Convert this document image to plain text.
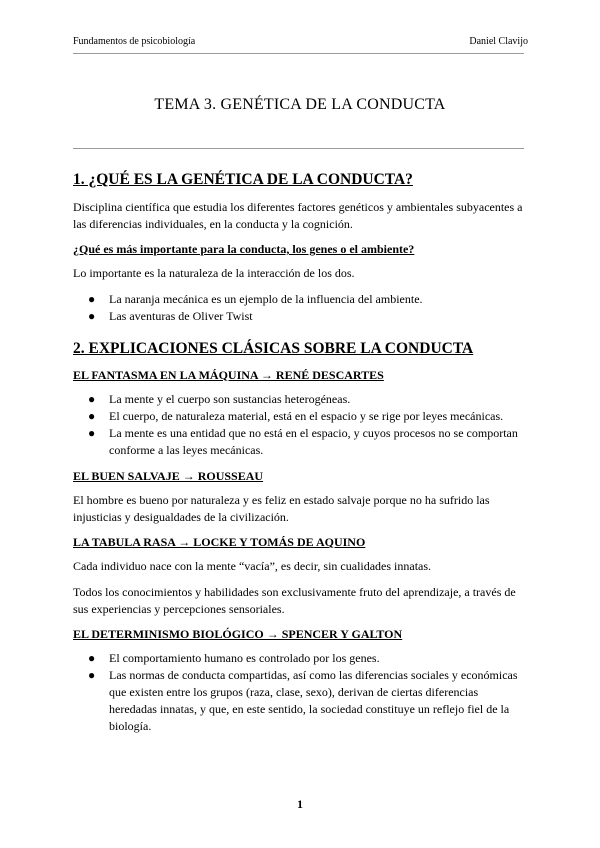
Fundamentos de psicobiología	Daniel Clavijo
TEMA 3. GENÉTICA DE LA CONDUCTA
1. ¿QUÉ ES LA GENÉTICA DE LA CONDUCTA?

Disciplina científica que estudia los diferentes factores genéticos y ambientales subyacentes a las diferencias individuales, en la conducta y la cognición.

¿Qué es más importante para la conducta, los genes o el ambiente?

Lo importante es la naturaleza de la interacción de los dos.

● La naranja mecánica es un ejemplo de la influencia del ambiente.
● Las aventuras de Oliver Twist
2. EXPLICACIONES CLÁSICAS SOBRE LA CONDUCTA
EL FANTASMA EN LA MÁQUINA → RENÉ DESCARTES
● La mente y el cuerpo son sustancias heterogéneas.
● El cuerpo, de naturaleza material, está en el espacio y se rige por leyes mecánicas.
● La mente es una entidad que no está en el espacio, y cuyos procesos no se comportan conforme a las leyes mecánicas.
EL BUEN SALVAJE → ROUSSEAU

El hombre es bueno por naturaleza y es feliz en estado salvaje porque no ha sufrido las injusticias y desigualdades de la civilización.

LA TABULA RASA → LOCKE Y TOMÁS DE AQUINO

Cada individuo nace con la mente “vacía”, es decir, sin cualidades innatas.

Todos los conocimientos y habilidades son exclusivamente fruto del aprendizaje, a través de sus experiencias y percepciones sensoriales.

EL DETERMINISMO BIOLÓGICO → SPENCER Y GALTON
● El comportamiento humano es controlado por los genes.
● Las normas de conducta compartidas, así como las diferencias sociales y económicas que existen entre los grupos (raza, clase, sexo), derivan de ciertas diferencias heredadas innatas, y que, en este sentido, la sociedad constituye un reflejo fiel de la biología.
1
